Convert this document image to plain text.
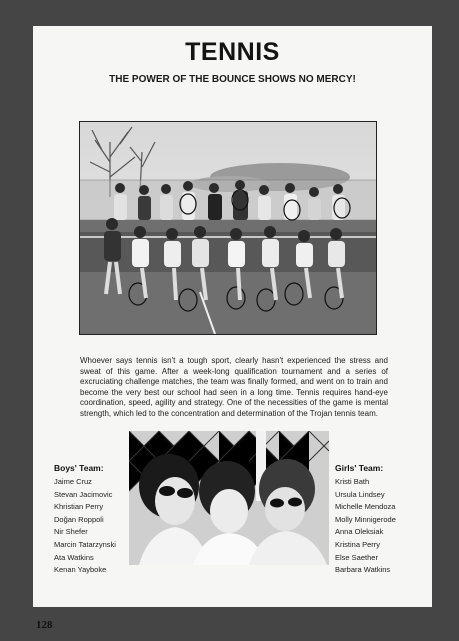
TENNIS
THE POWER OF THE BOUNCE SHOWS NO MERCY!

Whoever says tennis isn't a tough sport, clearly hasn't experienced the stress and sweat of this game. After a week-long qualification tournament and a series of excruciating challenge matches, the team was finally formed, and went on to train and become the very best our school had seen in a long time. Tennis requires hand-eye coordination, speed, agility and strategy. One of the necessities of the game is mental strength, which led to the concentration and determination of the Trojan tennis team.

Boys' Team:
Jaime Cruz
Stevan Jacimovic
Khristian Perry
Doğan Roppoli
Nir Shefer
Marcin Tatarzynski
Ata Watkins
Kenan Yayboke
Girls' Team:
Kristi Bath
Ursula Lindsey
Michelle Mendoza
Molly Minnigerode
Anna Oleksiak
Kristina Perry
Else Saether
Barbara Watkins
128
